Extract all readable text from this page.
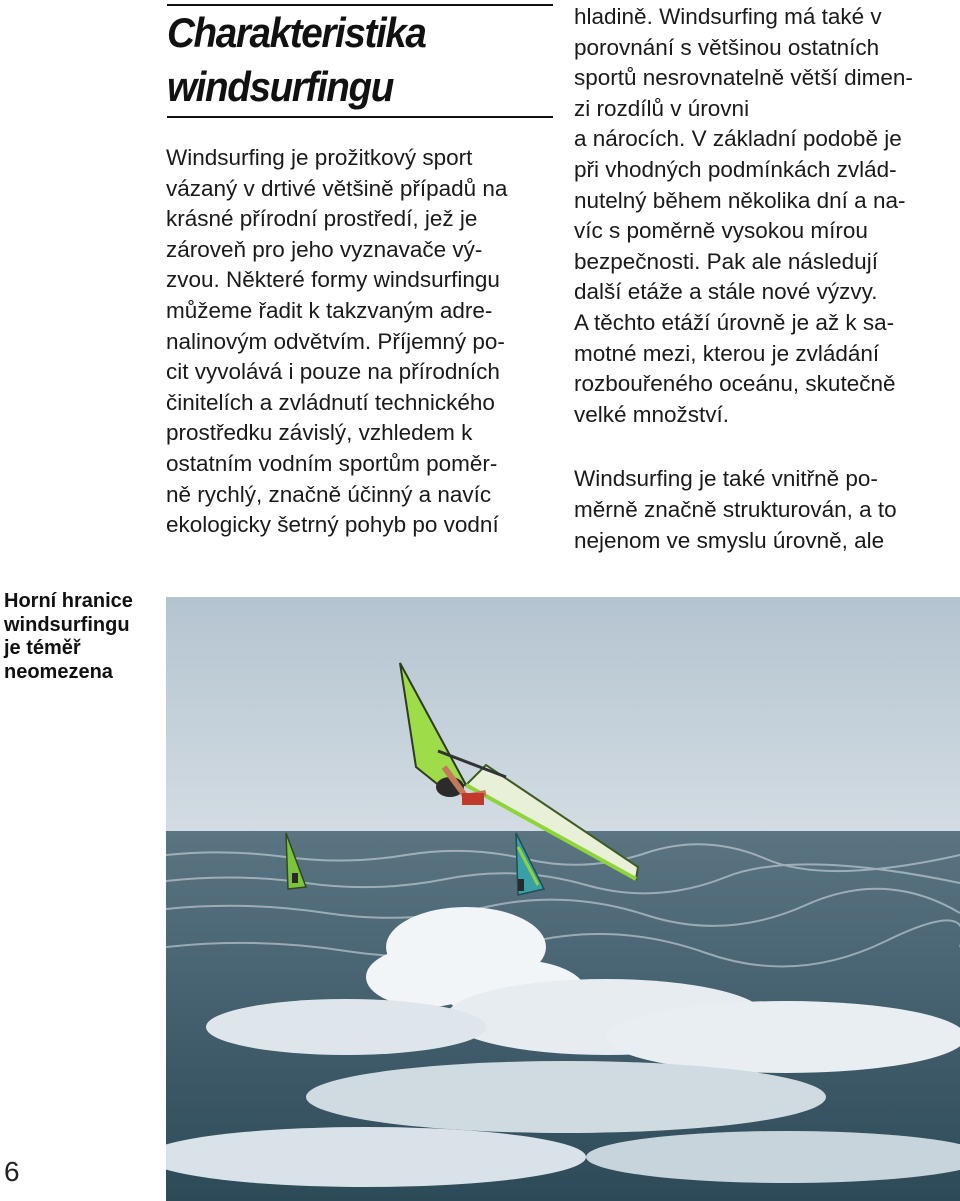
Charakteristika
windsurfingu

Windsurfing je prožitkový sport
vázaný v drtivé většině případů na
krásné přírodní prostředí, jež je
zároveň pro jeho vyznavače vý-
zvou. Některé formy windsurfingu
můžeme řadit k takzvaným adre-
nalinovým odvětvím. Příjemný po-
cit vyvolává i pouze na přírodních
činitelích a zvládnutí technického
prostředku závislý, vzhledem k
ostatním vodním sportům poměr-
ně rychlý, značně účinný a navíc
ekologicky šetrný pohyb po vodní

hladině. Windsurfing má také v
porovnání s většinou ostatních
sportů nesrovnatelně větší dimen-
zi rozdílů v úrovni
a nárocích. V základní podobě je
při vhodných podmínkách zvlád-
nutelný během několika dní a na-
víc s poměrně vysokou mírou
bezpečnosti. Pak ale následují
další etáže a stále nové výzvy.
A těchto etáží úrovně je až k sa-
motné mezi, kterou je zvládání
rozbouřeného oceánu, skutečně
velké množství.

Windsurfing je také vnitřně po-
měrně značně strukturován, a to
nejenom ve smyslu úrovně, ale

Horní hranice
windsurfingu
je téměř
neomezena
6
